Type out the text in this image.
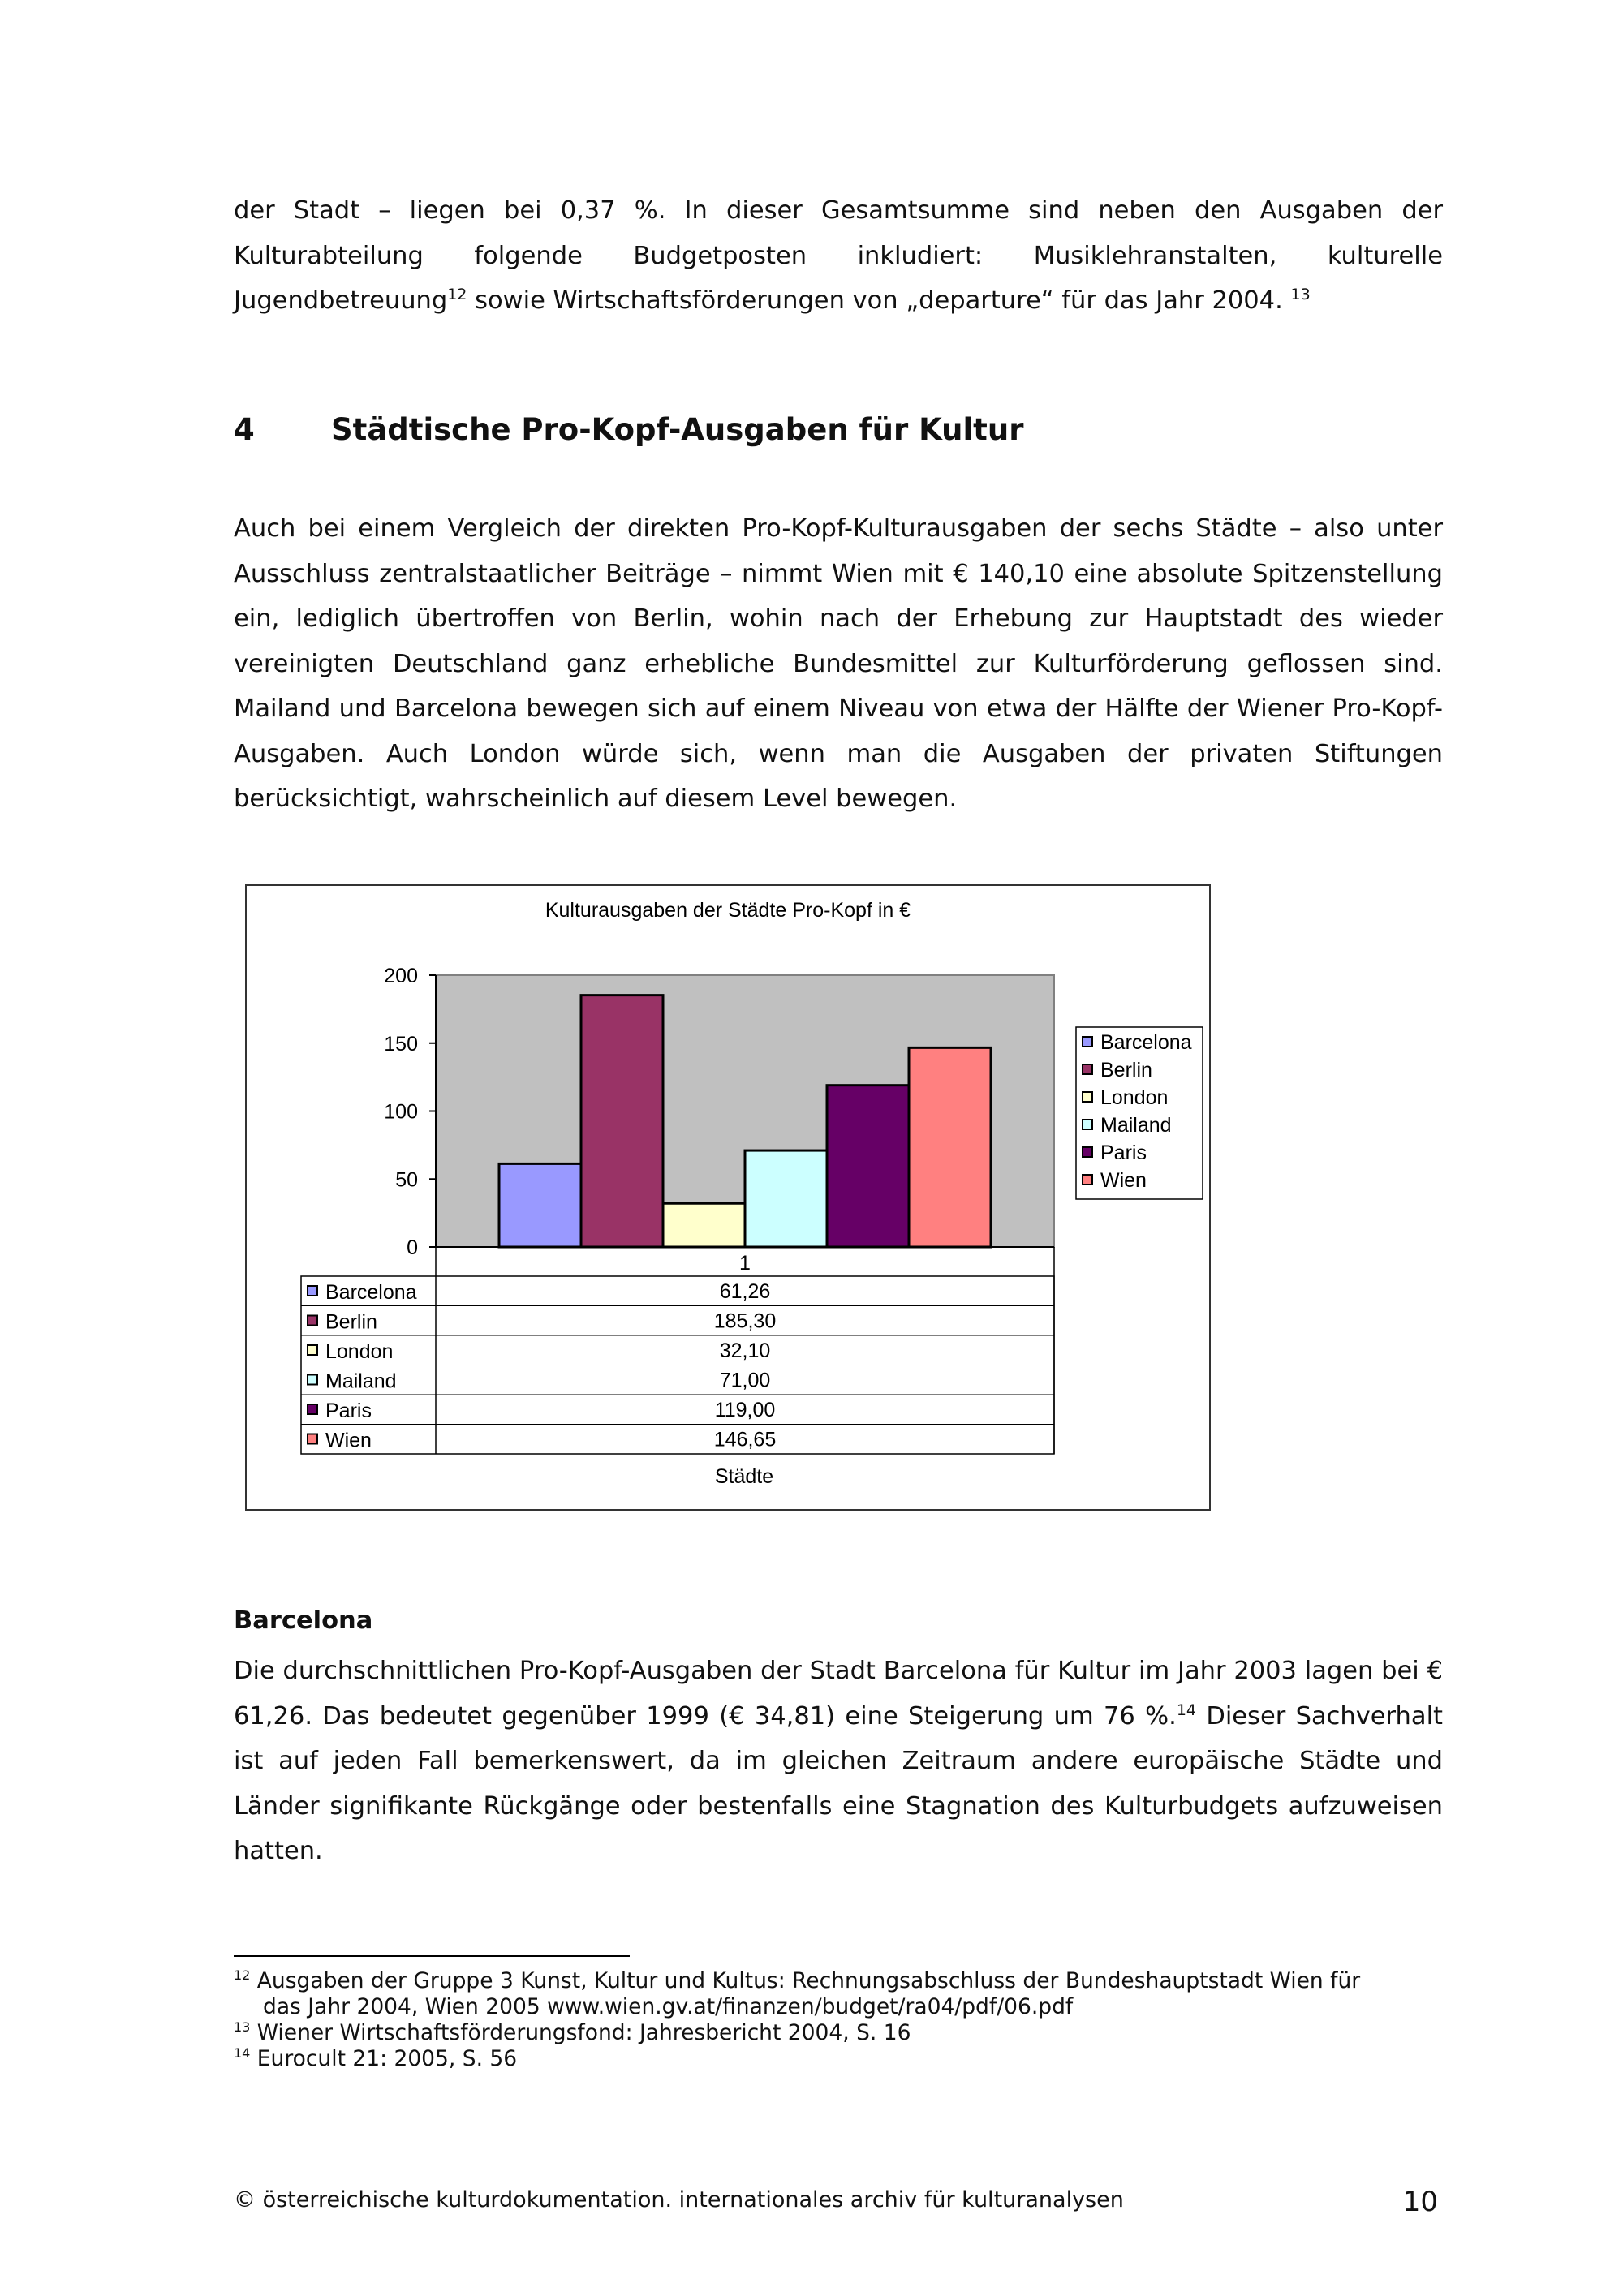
der Stadt – liegen bei 0,37 %. In dieser Gesamtsumme sind neben den Ausgaben der Kulturabteilung folgende Budgetposten inkludiert: Musiklehranstalten, kulturelle Jugendbetreuung$^{12}$ sowie Wirtschaftsförderungen von „departure“ für das Jahr 2004. $^{13}$

4	Städtische Pro-Kopf-Ausgaben für Kultur

Auch bei einem Vergleich der direkten Pro-Kopf-Kulturausgaben der sechs Städte – also unter Ausschluss zentralstaatlicher Beiträge – nimmt Wien mit € 140,10 eine absolute Spitzenstellung ein, lediglich übertroffen von Berlin, wohin nach der Erhebung zur Hauptstadt des wieder vereinigten Deutschland ganz erhebliche Bundesmittel zur Kulturförderung geflossen sind. Mailand und Barcelona bewegen sich auf einem Niveau von etwa der Hälfte der Wiener Pro-Kopf-Ausgaben. Auch London würde sich, wenn man die Ausgaben der privaten Stiftungen berücksichtigt, wahrscheinlich auf diesem Level bewegen.

Kulturausgaben der Städte Pro-Kopf in €
0
50
100
150
200
Barcelona
Berlin
London
Mailand
Paris
Wien
1
Barcelona	61,26
Berlin	185,30
London	32,10
Mailand	71,00
Paris	119,00
Wien	146,65
Städte
Barcelona

Die durchschnittlichen Pro-Kopf-Ausgaben der Stadt Barcelona für Kultur im Jahr 2003 lagen bei € 61,26. Das bedeutet gegenüber 1999 (€ 34,81) eine Steigerung um 76 %.$^{14}$ Dieser Sachverhalt ist auf jeden Fall bemerkenswert, da im gleichen Zeitraum andere europäische Städte und Länder signifikante Rückgänge oder bestenfalls eine Stagnation des Kulturbudgets aufzuweisen hatten.

$^{12}$ Ausgaben der Gruppe 3 Kunst, Kultur und Kultus: Rechnungsabschluss der Bundeshauptstadt Wien für
das Jahr 2004, Wien 2005 www.wien.gv.at/finanzen/budget/ra04/pdf/06.pdf

$^{13}$ Wiener Wirtschaftsförderungsfond: Jahresbericht 2004, S. 16

$^{14}$ Eurocult 21: 2005, S. 56

© österreichische kulturdokumentation. internationales archiv für kulturanalysen	10
